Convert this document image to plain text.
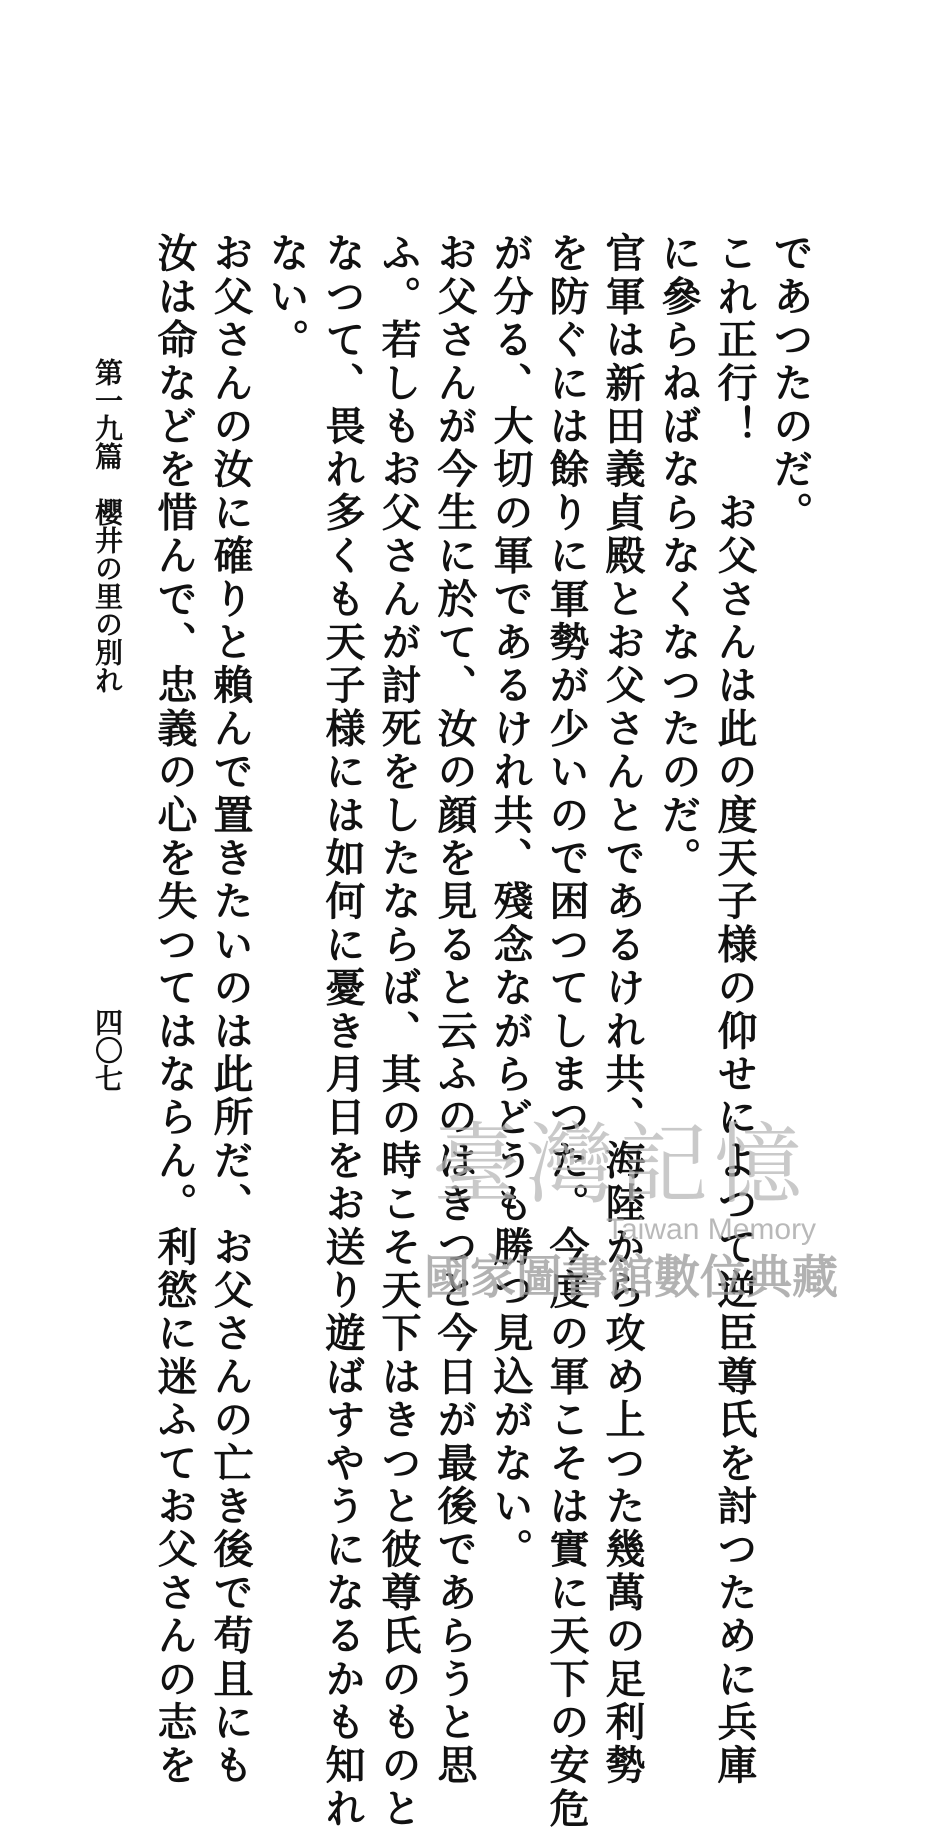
であつたのだ。
これ正行！　お父さんは此の度天子様の仰せによつて逆臣尊氏を討つために兵庫
に參らねばならなくなつたのだ。
官軍は新田義貞殿とお父さんとであるけれ共、海陸から攻め上つた幾萬の足利勢
を防ぐには餘りに軍勢が少いので困つてしまつた。今度の軍こそは實に天下の安危
が分る、大切の軍であるけれ共、殘念ながらどうも勝つ見込がない。
お父さんが今生に於て、汝の顔を見ると云ふのはきつと今日が最後であらうと思
ふ。若しもお父さんが討死をしたならば、其の時こそ天下はきつと彼尊氏のものと
なつて、畏れ多くも天子様には如何に憂き月日をお送り遊ばすやうになるかも知れ
ない。
お父さんの汝に確りと賴んで置きたいのは此所だ、お父さんの亡き後で苟且にも
汝は命などを惜んで、忠義の心を失つてはならん。利慾に迷ふてお父さんの志を
第一九篇　櫻井の里の別れ
四〇七
臺灣記憶
Taiwan Memory
國家圖書館數位典藏
